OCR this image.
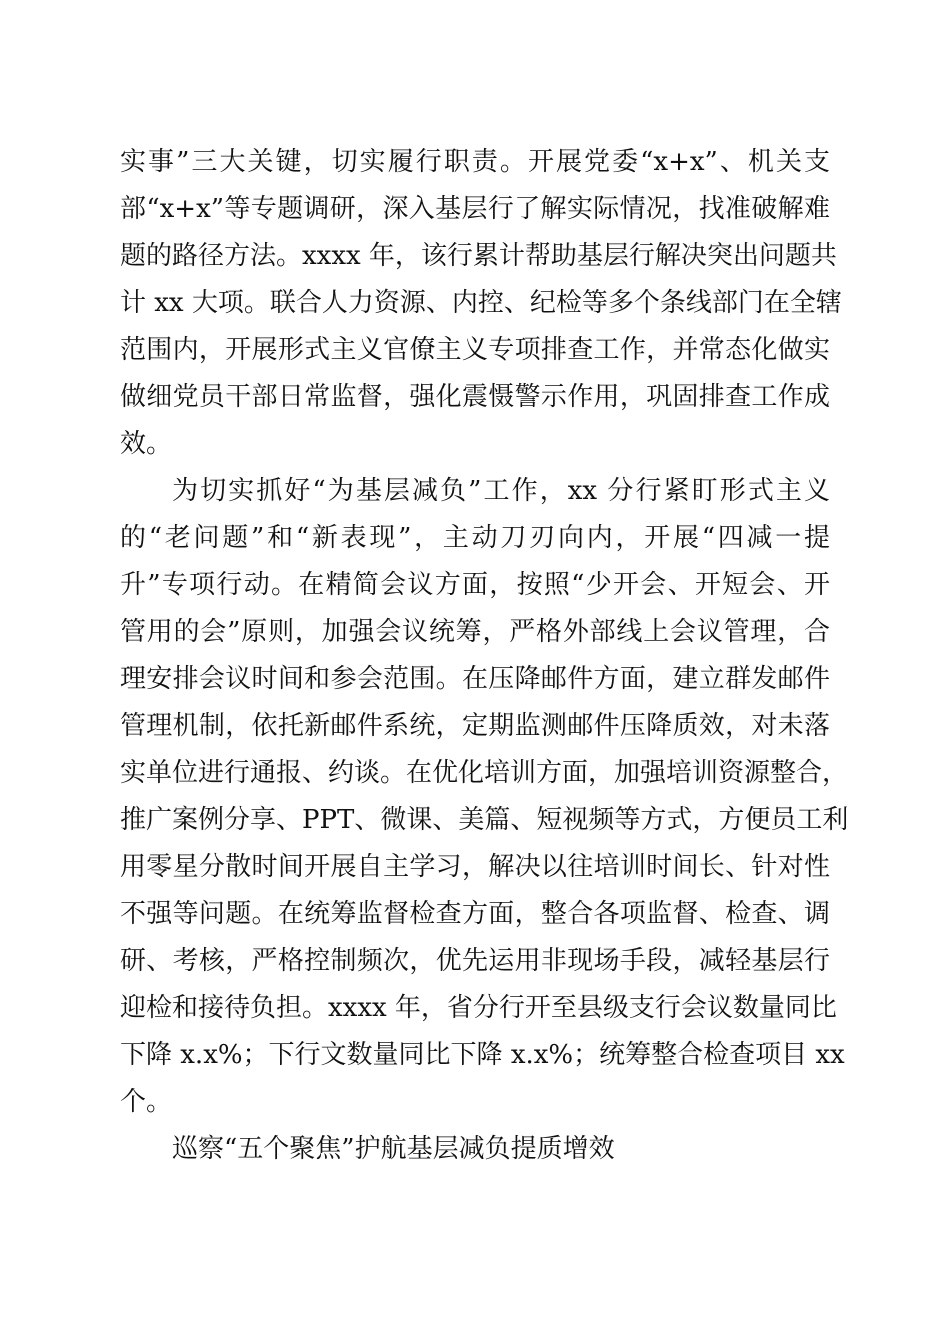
实事”三大关键，切实履行职责。开展党委“x+x”、机关支
部“x+x”等专题调研，深入基层行了解实际情况，找准破解难
题的路径方法。xxxx 年，该行累计帮助基层行解决突出问题共
计 xx 大项。联合人力资源、内控、纪检等多个条线部门在全辖
范围内，开展形式主义官僚主义专项排查工作，并常态化做实
做细党员干部日常监督，强化震慑警示作用，巩固排查工作成
效。
为切实抓好“为基层减负”工作，xx 分行紧盯形式主义
的“老问题”和“新表现”，主动刀刃向内，开展“四减一提
升”专项行动。在精简会议方面，按照“少开会、开短会、开
管用的会”原则，加强会议统筹，严格外部线上会议管理，合
理安排会议时间和参会范围。在压降邮件方面，建立群发邮件
管理机制，依托新邮件系统，定期监测邮件压降质效，对未落
实单位进行通报、约谈。在优化培训方面，加强培训资源整合，
推广案例分享、PPT、微课、美篇、短视频等方式，方便员工利
用零星分散时间开展自主学习，解决以往培训时间长、针对性
不强等问题。在统筹监督检查方面，整合各项监督、检查、调
研、考核，严格控制频次，优先运用非现场手段，减轻基层行
迎检和接待负担。xxxx 年，省分行开至县级支行会议数量同比
下降 x.x%；下行文数量同比下降 x.x%；统筹整合检查项目 xx
个。
巡察“五个聚焦”护航基层减负提质增效
